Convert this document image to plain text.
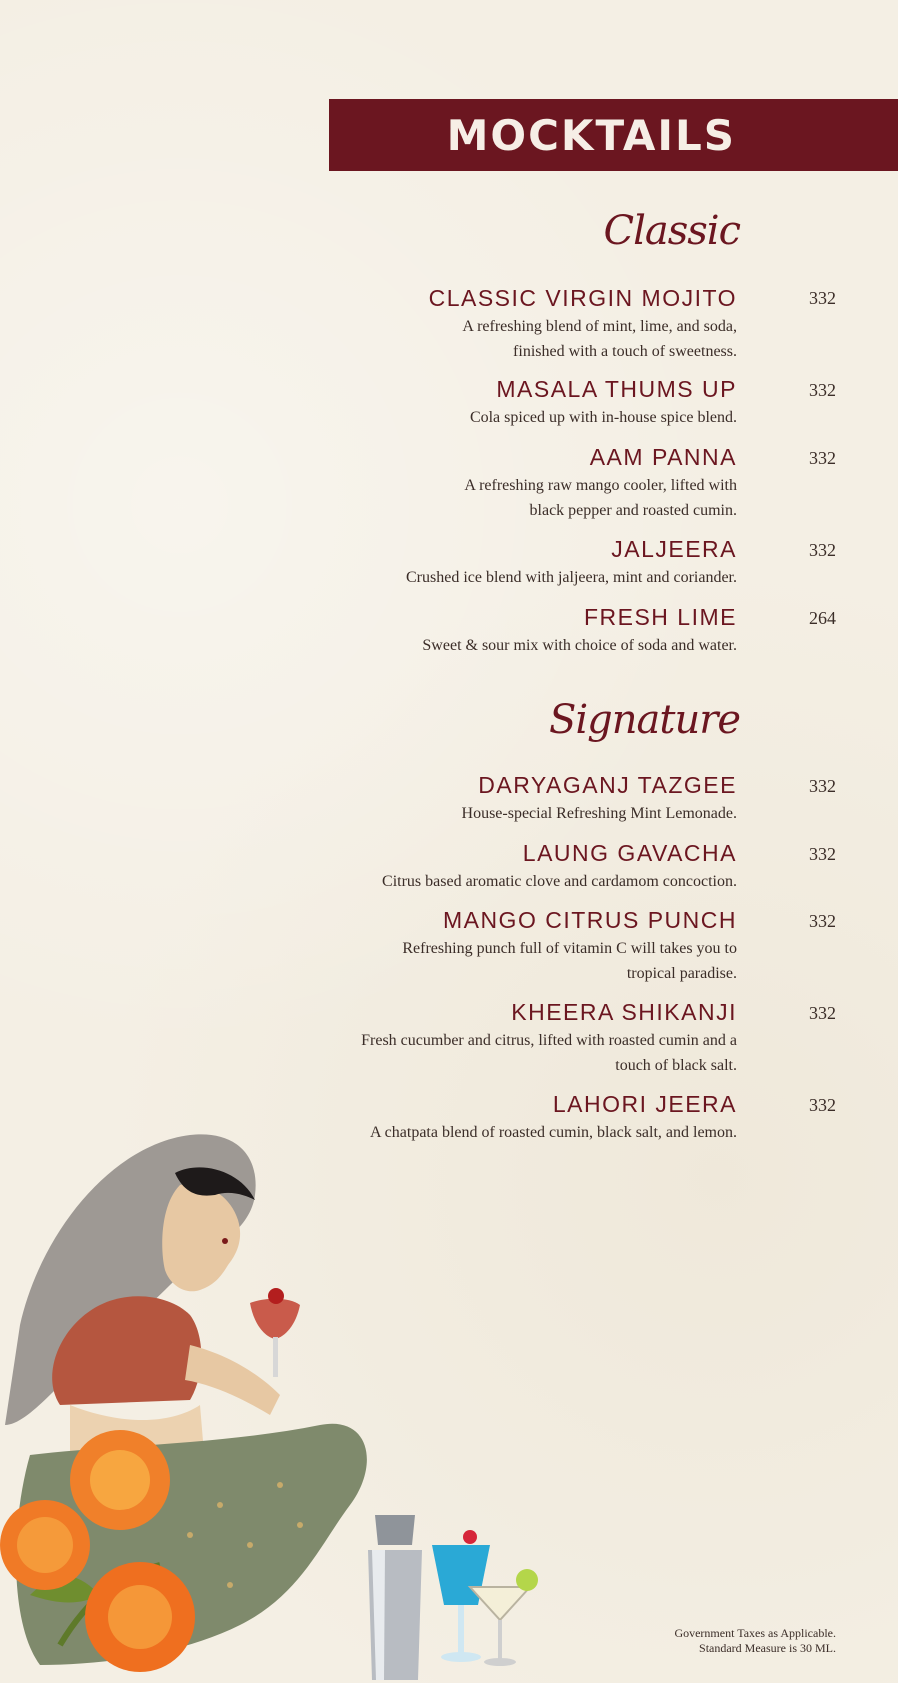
MOCKTAILS
Classic
CLASSIC VIRGIN MOJITO
A refreshing blend of mint, lime, and soda,
finished with a touch of sweetness.
332
MASALA THUMS UP
Cola spiced up with in-house spice blend.
332
AAM PANNA
A refreshing raw mango cooler, lifted with
black pepper and roasted cumin.
332
JALJEERA
Crushed ice blend with jaljeera, mint and coriander.
332
FRESH LIME
Sweet & sour mix with choice of soda and water.
264
Signature
DARYAGANJ TAZGEE
House-special Refreshing Mint Lemonade.
332
LAUNG GAVACHA
Citrus based aromatic clove and cardamom concoction.
332
MANGO CITRUS PUNCH
Refreshing punch full of vitamin C will takes you to
tropical paradise.
332
KHEERA SHIKANJI
Fresh cucumber and citrus, lifted with roasted cumin and a
touch of black salt.
332
LAHORI JEERA
A chatpata blend of roasted cumin, black salt, and lemon.
332
Government Taxes as Applicable.
Standard Measure is 30 ML.
